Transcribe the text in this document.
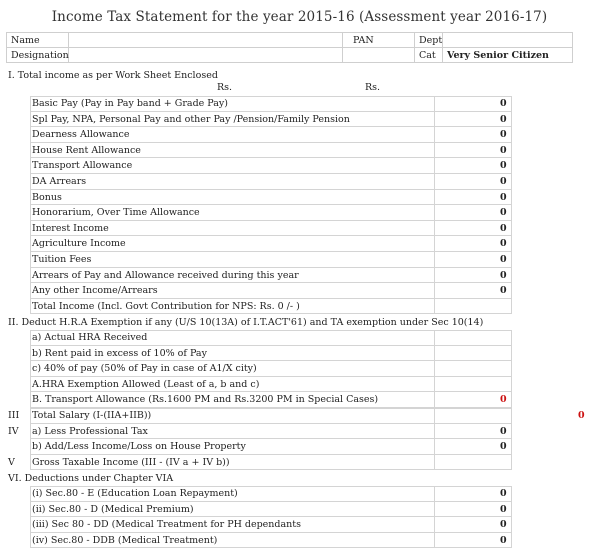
Income Tax Statement for the year 2015-16 (Assessment year 2016-17)
Name		PAN	Dept	
Designation			Cat	Very Senior Citizen
I. Total income as per Work Sheet Enclosed
Rs.	Rs.
Basic Pay (Pay in Pay band + Grade Pay)	0
Spl Pay, NPA, Personal Pay and other Pay /Pension/Family Pension	0
Dearness Allowance	0
House Rent Allowance	0
Transport Allowance	0
DA Arrears	0
Bonus	0
Honorarium, Over Time Allowance	0
Interest Income	0
Agriculture Income	0
Tuition Fees	0
Arrears of Pay and Allowance received during this year	0
Any other Income/Arrears	0
Total Income (Incl. Govt Contribution for NPS: Rs. 0 /- )
II. Deduct H.R.A Exemption if any (U/S 10(13A) of I.T.ACT'61) and TA exemption under Sec 10(14)
a) Actual HRA Received
b) Rent paid in excess of 10% of Pay
c) 40% of pay (50% of Pay in case of A1/X city)
A.HRA Exemption Allowed (Least of a, b and c)
B. Transport Allowance (Rs.1600 PM and Rs.3200 PM in Special Cases)	0
III Total Salary (I-(IIA+IIB))	0
IV a) Less Professional Tax	0
b) Add/Less Income/Loss on House Property	0
V Gross Taxable Income (III - (IV a + IV b))
VI. Deductions under Chapter VIA
(i) Sec.80 - E (Education Loan Repayment)	0
(ii) Sec.80 - D (Medical Premium)	0
(iii) Sec 80 - DD (Medical Treatment for PH dependants	0
(iv) Sec.80 - DDB (Medical Treatment)	0
